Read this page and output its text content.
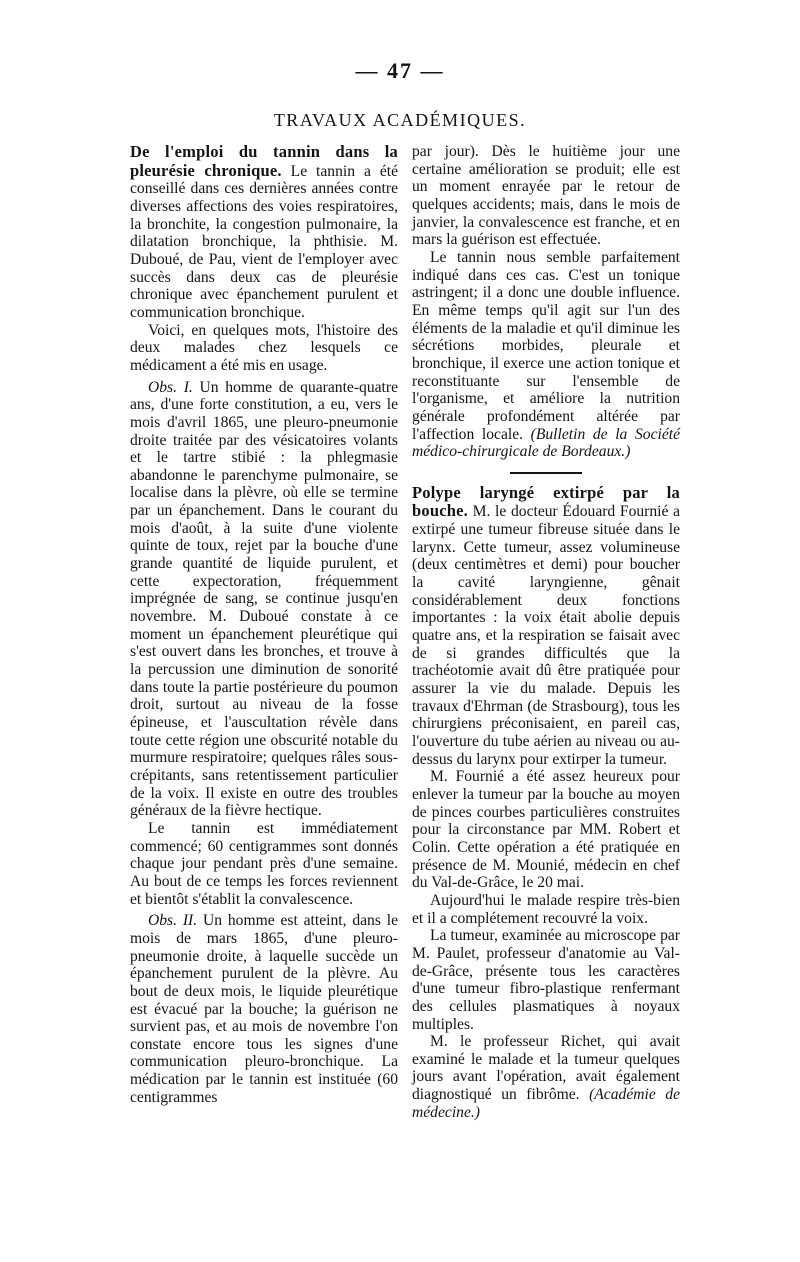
— 47 —
TRAVAUX ACADÉMIQUES.

De l'emploi du tannin dans la pleurésie chronique. Le tannin a été conseillé dans ces dernières années contre diverses affections des voies respiratoires, la bronchite, la congestion pulmonaire, la dilatation bronchique, la phthisie. M. Duboué, de Pau, vient de l'employer avec succès dans deux cas de pleurésie chronique avec épanchement purulent et communication bronchique.

Voici, en quelques mots, l'histoire des deux malades chez lesquels ce médicament a été mis en usage.

Obs. I. Un homme de quarante-quatre ans, d'une forte constitution, a eu, vers le mois d'avril 1865, une pleuro-pneumonie droite traitée par des vésicatoires volants et le tartre stibié : la phlegmasie abandonne le parenchyme pulmonaire, se localise dans la plèvre, où elle se termine par un épanchement. Dans le courant du mois d'août, à la suite d'une violente quinte de toux, rejet par la bouche d'une grande quantité de liquide purulent, et cette expectoration, fréquemment imprégnée de sang, se continue jusqu'en novembre. M. Duboué constate à ce moment un épanchement pleurétique qui s'est ouvert dans les bronches, et trouve à la percussion une diminution de sonorité dans toute la partie postérieure du poumon droit, surtout au niveau de la fosse épineuse, et l'auscultation révèle dans toute cette région une obscurité notable du murmure respiratoire; quelques râles sous-crépitants, sans retentissement particulier de la voix. Il existe en outre des troubles généraux de la fièvre hectique.

Le tannin est immédiatement commencé; 60 centigrammes sont donnés chaque jour pendant près d'une semaine. Au bout de ce temps les forces reviennent et bientôt s'établit la convalescence.

Obs. II. Un homme est atteint, dans le mois de mars 1865, d'une pleuro-pneumonie droite, à laquelle succède un épanchement purulent de la plèvre. Au bout de deux mois, le liquide pleurétique est évacué par la bouche; la guérison ne survient pas, et au mois de novembre l'on constate encore tous les signes d'une communication pleuro-bronchique. La médication par le tannin est instituée (60 centigrammes

par jour). Dès le huitième jour une certaine amélioration se produit; elle est un moment enrayée par le retour de quelques accidents; mais, dans le mois de janvier, la convalescence est franche, et en mars la guérison est effectuée.

Le tannin nous semble parfaitement indiqué dans ces cas. C'est un tonique astringent; il a donc une double influence. En même temps qu'il agit sur l'un des éléments de la maladie et qu'il diminue les sécrétions morbides, pleurale et bronchique, il exerce une action tonique et reconstituante sur l'ensemble de l'organisme, et améliore la nutrition générale profondément altérée par l'affection locale. (Bulletin de la Société médico-chirurgicale de Bordeaux.)

Polype laryngé extirpé par la bouche. M. le docteur Édouard Fournié a extirpé une tumeur fibreuse située dans le larynx. Cette tumeur, assez volumineuse (deux centimètres et demi) pour boucher la cavité laryngienne, gênait considérablement deux fonctions importantes : la voix était abolie depuis quatre ans, et la respiration se faisait avec de si grandes difficultés que la trachéotomie avait dû être pratiquée pour assurer la vie du malade. Depuis les travaux d'Ehrman (de Strasbourg), tous les chirurgiens préconisaient, en pareil cas, l'ouverture du tube aérien au niveau ou au-dessus du larynx pour extirper la tumeur.

M. Fournié a été assez heureux pour enlever la tumeur par la bouche au moyen de pinces courbes particulières construites pour la circonstance par MM. Robert et Colin. Cette opération a été pratiquée en présence de M. Mounié, médecin en chef du Val-de-Grâce, le 20 mai.

Aujourd'hui le malade respire très-bien et il a complétement recouvré la voix.

La tumeur, examinée au microscope par M. Paulet, professeur d'anatomie au Val-de-Grâce, présente tous les caractères d'une tumeur fibro-plastique renfermant des cellules plasmatiques à noyaux multiples.

M. le professeur Richet, qui avait examiné le malade et la tumeur quelques jours avant l'opération, avait également diagnostiqué un fibrôme. (Académie de médecine.)
